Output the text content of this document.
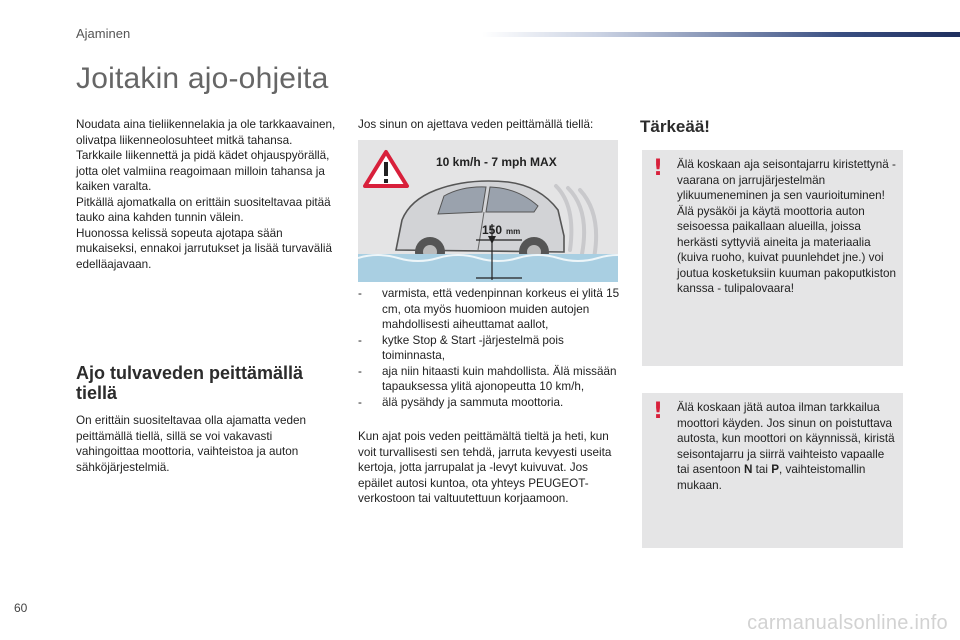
Ajaminen
Joitakin ajo-ohjeita

Noudata aina tieliikennelakia ja ole tarkkaavainen, olivatpa liikenneolosuhteet mitkä tahansa.

Tarkkaile liikennettä ja pidä kädet ohjauspyörällä, jotta olet valmiina reagoimaan milloin tahansa ja kaiken varalta.

Pitkällä ajomatkalla on erittäin suositeltavaa pitää tauko aina kahden tunnin välein.

Huonossa kelissä sopeuta ajotapa sään mukaiseksi, ennakoi jarrutukset ja lisää turvaväliä edelläajavaan.

Ajo tulvaveden peittämällä tiellä

On erittäin suositeltavaa olla ajamatta veden peittämällä tiellä, sillä se voi vakavasti vahingoittaa moottoria, vaihteistoa ja auton sähköjärjestelmiä.

Jos sinun on ajettava veden peittämällä tiellä:

10 km/h - 7 mph MAX
150 mm
- varmista, että vedenpinnan korkeus ei ylitä 15 cm, ota myös huomioon muiden autojen mahdollisesti aiheuttamat aallot,
- kytke Stop & Start -järjestelmä pois toiminnasta,
- aja niin hitaasti kuin mahdollista. Älä missään tapauksessa ylitä ajonopeutta 10 km/h,
- älä pysähdy ja sammuta moottoria.

Kun ajat pois veden peittämältä tieltä ja heti, kun voit turvallisesti sen tehdä, jarruta kevyesti useita kertoja, jotta jarrupalat ja -levyt kuivuvat. Jos epäilet autosi kuntoa, ota yhteys PEUGEOT-verkostoon tai valtuutettuun korjaamoon.

Tärkeää!
! Älä koskaan aja seisontajarru kiristettynä - vaarana on jarrujärjestelmän ylikuumeneminen ja sen vaurioituminen!

Älä pysäköi ja käytä moottoria auton seisoessa paikallaan alueilla, joissa herkästi syttyviä aineita ja materiaalia (kuiva ruoho, kuivat puunlehdet jne.) voi joutua kosketuksiin kuuman pakoputkiston kanssa - tulipalovaara!

! Älä koskaan jätä autoa ilman tarkkailua moottori käyden. Jos sinun on poistuttava autosta, kun moottori on käynnissä, kiristä seisontajarru ja siirrä vaihteisto vapaalle tai asentoon N tai P, vaihteistomallin mukaan.

60
carmanualsonline.info
